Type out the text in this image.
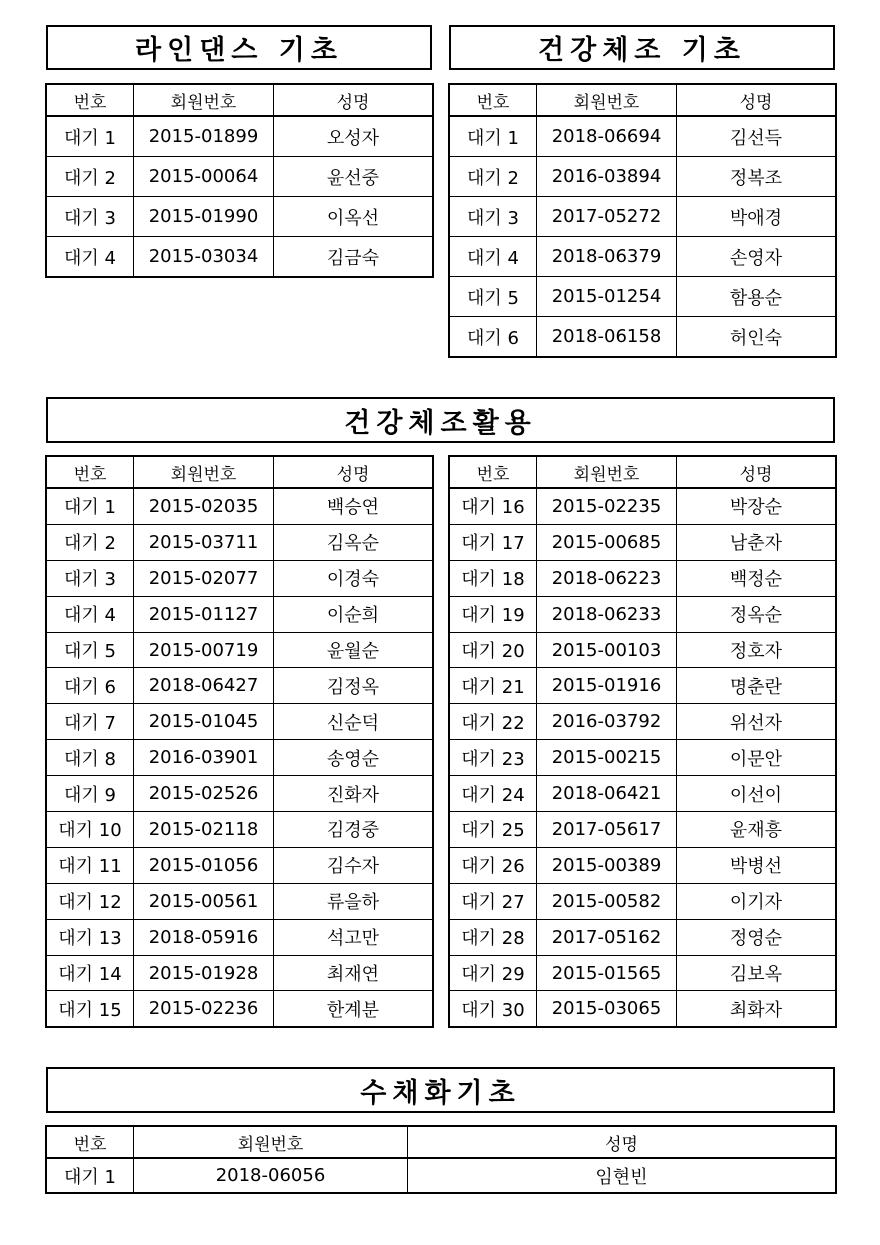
라인댄스 기초
번호	회원번호	성명
대기 1	2015-01899	오성자
대기 2	2015-00064	윤선중
대기 3	2015-01990	이옥선
대기 4	2015-03034	김금숙
건강체조 기초
번호	회원번호	성명
대기 1	2018-06694	김선득
대기 2	2016-03894	정복조
대기 3	2017-05272	박애경
대기 4	2018-06379	손영자
대기 5	2015-01254	함용순
대기 6	2018-06158	허인숙
건강체조활용
번호	회원번호	성명
대기 1	2015-02035	백승연
대기 2	2015-03711	김옥순
대기 3	2015-02077	이경숙
대기 4	2015-01127	이순희
대기 5	2015-00719	윤월순
대기 6	2018-06427	김정옥
대기 7	2015-01045	신순덕
대기 8	2016-03901	송영순
대기 9	2015-02526	진화자
대기 10	2015-02118	김경중
대기 11	2015-01056	김수자
대기 12	2015-00561	류을하
대기 13	2018-05916	석고만
대기 14	2015-01928	최재연
대기 15	2015-02236	한계분
번호	회원번호	성명
대기 16	2015-02235	박장순
대기 17	2015-00685	남춘자
대기 18	2018-06223	백정순
대기 19	2018-06233	정옥순
대기 20	2015-00103	정호자
대기 21	2015-01916	명춘란
대기 22	2016-03792	위선자
대기 23	2015-00215	이문안
대기 24	2018-06421	이선이
대기 25	2017-05617	윤재흥
대기 26	2015-00389	박병선
대기 27	2015-00582	이기자
대기 28	2017-05162	정영순
대기 29	2015-01565	김보옥
대기 30	2015-03065	최화자
수채화기초
번호	회원번호	성명
대기 1	2018-06056	임현빈
